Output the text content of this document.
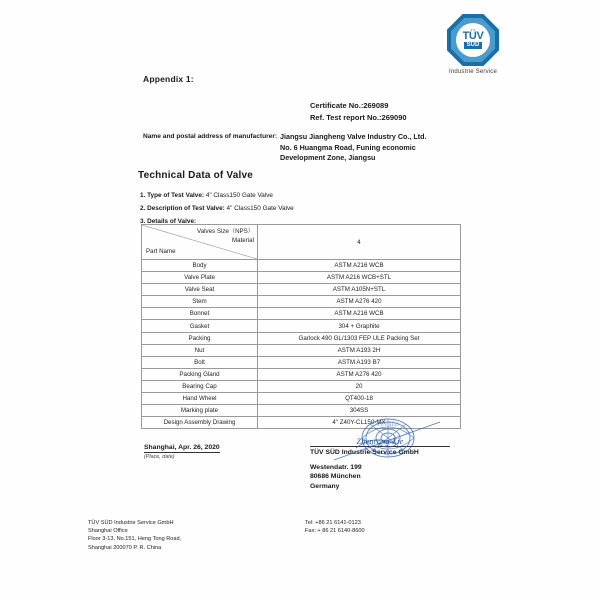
TÜV
SÜD
Industrie Service
Appendix 1:
Certificate No.:269089
Ref. Test report No.:269090
Name and postal address of manufacturer: Jiangsu Jiangheng Valve Industry Co., Ltd.
No. 6 Huangma Road, Funing economic
Development Zone, Jiangsu
Technical Data of Valve
1. Type of Test Valve: 4" Class150 Gate Valve
2. Description of Test Valve: 4" Class150 Gate Valve
3. Details of Valve:
Valves Size（NPS）
Material
Part Name	4
Body	ASTM A216 WCB
Valve Plate	ASTM A216 WCB+STL
Valve Seat	ASTM A105N+STL
Stem	ASTM A276 420
Bonnet	ASTM A216 WCB
Gasket	304 + Graphite
Packing	Garlock 490 GL/1303 FEP ULE Packing Set
Nut	ASTM A193 2H
Bolt	ASTM A193 B7
Packing Gland	ASTM A276 420
Bearing Cap	20
Hand Wheel	QT400-18
Marking plate	304SS
Design Assembly Drawing	4" Z40Y-CL150-MX
Shanghai, Apr. 26, 2020
(Place, date)
Zhenrong Xie
TÜV SÜD Industrie Service GmbH
Westendatr. 199
80686 München
Germany
TÜV SÜD
TÜV SÜD Industrie Service GmbH
Shanghai Office
Floor 3-13, No.151, Heng Tong Road,
Shanghai 200070 P. R. China
Tel: +86 21 6141-0123
Fax: + 86 21 6140-8600
